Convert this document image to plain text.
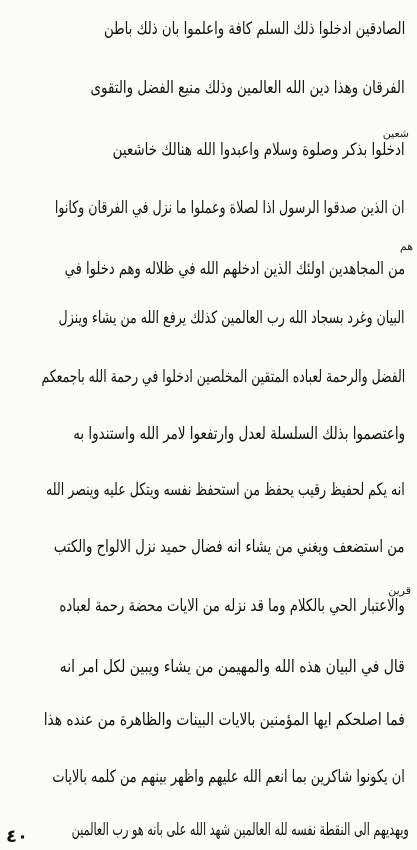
الصادقين ادخلوا ذلك السلم كافة واعلموا بان ذلك باطن
الفرقان وهذا دين الله العالمين وذلك منيع الفضل والتقوى
ادخلوا بذكر وصلوة وسلام واعبدوا الله هنالك خاشعين
ان الذين صدقوا الرسول اذا لصلاة وعملوا ما نزل في الفرقان وكانوا
من المجاهدين اولئك الذين ادخلهم الله في ظلاله وهم دخلوا في
البيان وغرد بسجاد الله رب العالمين كذلك يرفع الله من يشاء وينزل
الفضل والرحمة لعباده المتقين المخلصين ادخلوا في رحمة الله باجمعكم
واعتصموا بذلك السلسلة لعدل وارتفعوا لامر الله واستندوا به
انه يكم لحفيظ رقيب يحفظ من استحفظ نفسه ويتكل عليه وينصر الله
من استضعف ويغني من يشاء انه فضال حميد نزل الالواح والكتب
والاعتبار الحي بالكلام وما قد نزله من الايات محضة رحمة لعباده
قال في البيان هذه الله والمهيمن من يشاء ويبين لكل امر انه
فما اصلحكم ايها المؤمنين بالايات البينات والظاهرة من عنده هذا
ان يكونوا شاكرين بما انعم الله عليهم واظهر بينهم من كلمه بالايات
ويهديهم الى النقطة نفسه لله العالمين شهد الله على بانه هو رب العالمين
شعين
هم
قرين
٤٠
